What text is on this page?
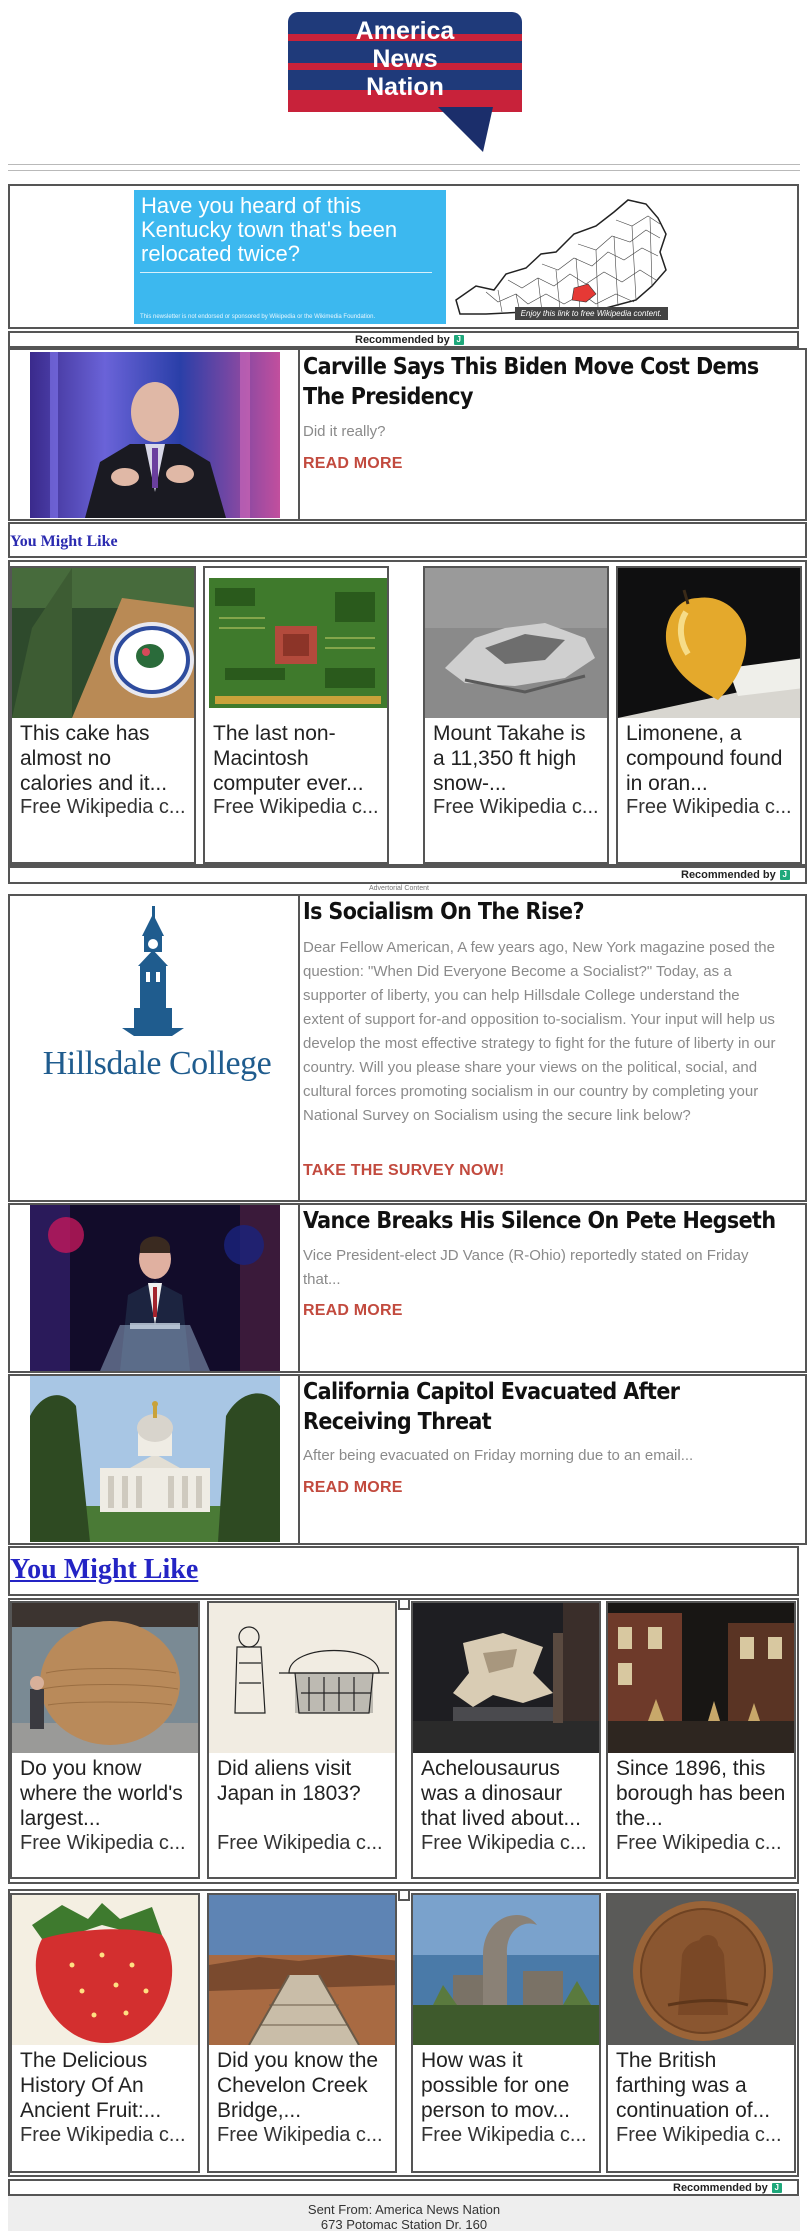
America
News
Nation
Have you heard of this Kentucky town that's been relocated twice?
This newsletter is not endorsed or sponsored by Wikipedia or the Wikimedia Foundation.	Enjoy this link to free Wikipedia content.
Recommended by J
Carville Says This Biden Move Cost Dems The Presidency
Did it really?
READ MORE
You Might Like
This cake has almost no calories and it...
Free Wikipedia c...
The last non-Macintosh computer ever...
Free Wikipedia c...
Mount Takahe is a 11,350 ft high snow-...
Free Wikipedia c...
Limonene, a compound found in oran...
Free Wikipedia c...
Recommended by J
Advertorial Content
Hillsdale College
Is Socialism On The Rise?
Dear Fellow American, A few years ago, New York magazine posed the question: "When Did Everyone Become a Socialist?" Today, as a supporter of liberty, you can help Hillsdale College understand the extent of support for-and opposition to-socialism. Your input will help us develop the most effective strategy to fight for the future of liberty in our country. Will you please share your views on the political, social, and cultural forces promoting socialism in our country by completing your National Survey on Socialism using the secure link below?
TAKE THE SURVEY NOW!
Vance Breaks His Silence On Pete Hegseth
Vice President-elect JD Vance (R-Ohio) reportedly stated on Friday that...
READ MORE
California Capitol Evacuated After Receiving Threat
After being evacuated on Friday morning due to an email...
READ MORE
You Might Like
Do you know where the world's largest...
Free Wikipedia c...
Did aliens visit Japan in 1803?
Free Wikipedia c...
Achelousaurus was a dinosaur that lived about...
Free Wikipedia c...
Since 1896, this borough has been the...
Free Wikipedia c...
The Delicious History Of An Ancient Fruit:...
Free Wikipedia c...
Did you know the Chevelon Creek Bridge,...
Free Wikipedia c...
How was it possible for one person to mov...
Free Wikipedia c...
The British farthing was a continuation of...
Free Wikipedia c...
Recommended by J
Sent From: America News Nation
673 Potomac Station Dr. 160
